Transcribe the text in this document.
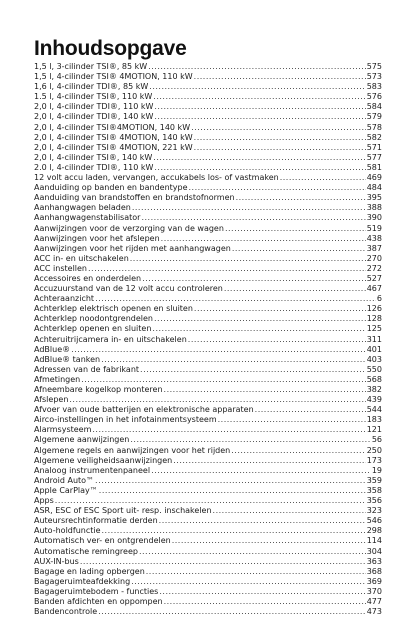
Inhoudsopgave
1,5 l, 3-cilinder TSI®, 85 kW .....	575
1,5 l, 4-cilinder TSI® 4MOTION, 110 kW .....	573
1,6 l, 4-cilinder TDI®, 85 kW .....	583
1.5 l, 4-cilinder TSI®, 110 kW .....	576
2,0 l, 4-cilinder TDI®, 110 kW .....	584
2,0 l, 4-cilinder TDI®, 140 kW .....	579
2,0 l, 4-cilinder TSI®4MOTION, 140 kW .....	578
2,0 l, 4-cilinder TSI® 4MOTION, 140 kW .....	582
2,0 l, 4-cilinder TSI® 4MOTION, 221 kW .....	571
2,0 l, 4-cilinder TSI®, 140 kW .....	577
2.0 l, 4-cilinder TDI®, 110 kW .....	581
12 volt accu laden, vervangen, accukabels los- of vastmaken .....	469
Aanduiding op banden en bandentype .....	484
Aanduiding van brandstoffen en brandstofnormen .....	395
Aanhangwagen beladen .....	388
Aanhangwagenstabilisator .....	390
Aanwijzingen voor de verzorging van de wagen .....	519
Aanwijzingen voor het afslepen .....	438
Aanwijzingen voor het rijden met aanhangwagen .....	387
ACC in- en uitschakelen .....	270
ACC instellen .....	272
Accessoires en onderdelen .....	527
Accuzuurstand van de 12 volt accu controleren .....	467
Achteraanzicht .....	6
Achterklep elektrisch openen en sluiten .....	126
Achterklep noodontgrendelen .....	128
Achterklep openen en sluiten .....	125
Achteruitrijcamera in- en uitschakelen .....	311
AdBlue® .....	401
AdBlue® tanken .....	403
Adressen van de fabrikant .....	550
Afmetingen .....	568
Afneembare kogelkop monteren .....	382
Afslepen .....	439
Afvoer van oude batterijen en elektronische apparaten .....	544
Airco-instellingen in het infotainmentsysteem .....	183
Alarmsysteem .....	121
Algemene aanwijzingen .....	56
Algemene regels en aanwijzingen voor het rijden .....	250
Algemene veiligheidsaanwijzingen .....	173
Analoog instrumentenpaneel .....	19
Android Auto™ .....	359
Apple CarPlay™ .....	358
Apps .....	356
ASR, ESC of ESC Sport uit- resp. inschakelen .....	323
Auteursrechtinformatie derden .....	546
Auto-holdfunctie .....	298
Automatisch ver- en ontgrendelen .....	114
Automatische remingreep .....	304
AUX-IN-bus .....	363
Bagage en lading opbergen .....	368
Bagageruimteafdekking .....	369
Bagageruimtebodem - functies .....	370
Banden afdichten en oppompen .....	477
Bandencontrole .....	473
